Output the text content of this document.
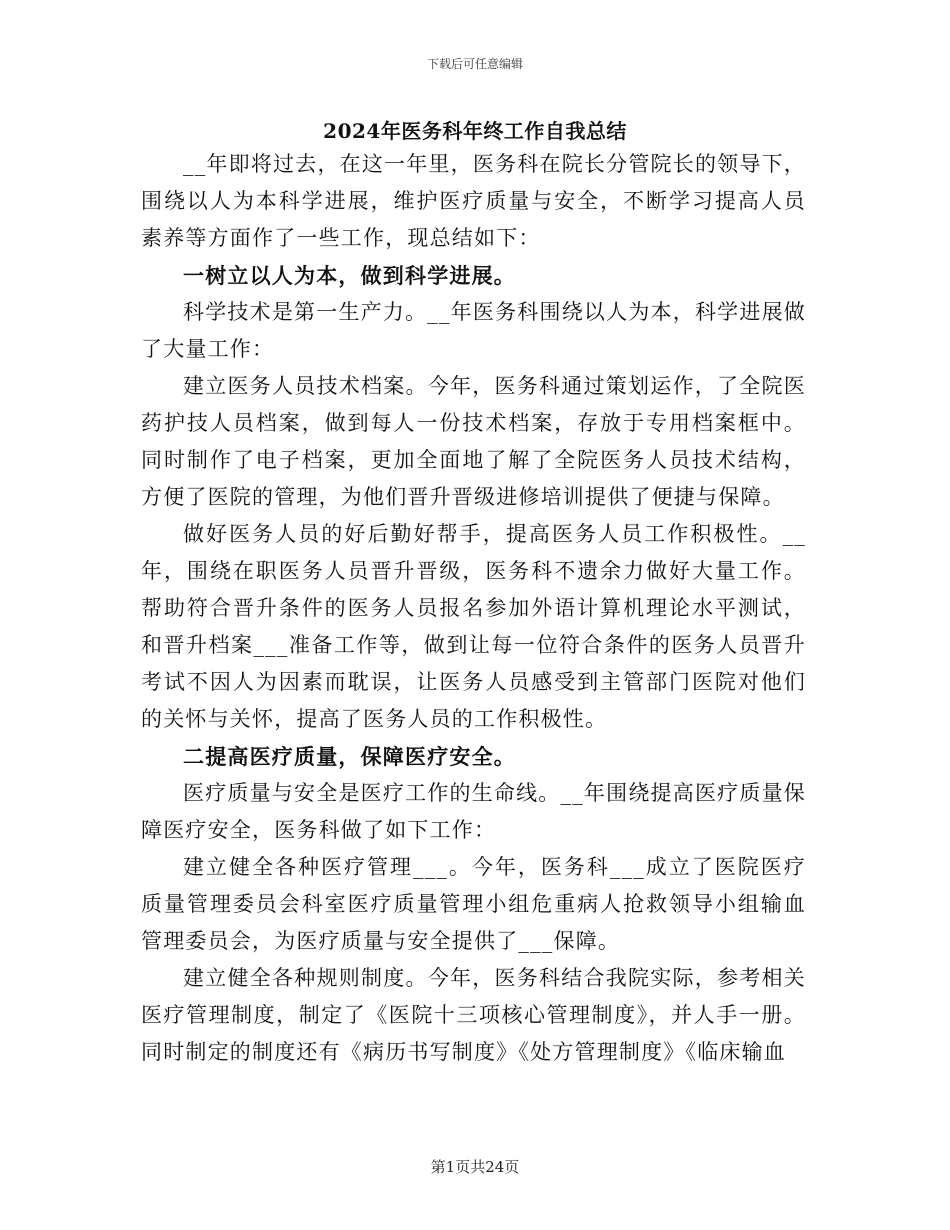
下载后可任意编辑
2024年医务科年终工作自我总结

__年即将过去，在这一年里，医务科在院长分管院长的领导下，围绕以人为本科学进展，维护医疗质量与安全，不断学习提高人员素养等方面作了一些工作，现总结如下：

一树立以人为本，做到科学进展。

科学技术是第一生产力。__年医务科围绕以人为本，科学进展做了大量工作：

建立医务人员技术档案。今年，医务科通过策划运作，了全院医药护技人员档案，做到每人一份技术档案，存放于专用档案框中。同时制作了电子档案，更加全面地了解了全院医务人员技术结构，方便了医院的管理，为他们晋升晋级进修培训提供了便捷与保障。

做好医务人员的好后勤好帮手，提高医务人员工作积极性。__年，围绕在职医务人员晋升晋级，医务科不遗余力做好大量工作。帮助符合晋升条件的医务人员报名参加外语计算机理论水平测试，和晋升档案___准备工作等，做到让每一位符合条件的医务人员晋升考试不因人为因素而耽误，让医务人员感受到主管部门医院对他们的关怀与关怀，提高了医务人员的工作积极性。

二提高医疗质量，保障医疗安全。

医疗质量与安全是医疗工作的生命线。__年围绕提高医疗质量保障医疗安全，医务科做了如下工作：

建立健全各种医疗管理___。今年，医务科___成立了医院医疗质量管理委员会科室医疗质量管理小组危重病人抢救领导小组输血管理委员会，为医疗质量与安全提供了___保障。

建立健全各种规则制度。今年，医务科结合我院实际，参考相关医疗管理制度，制定了《医院十三项核心管理制度》，并人手一册。同时制定的制度还有《病历书写制度》《处方管理制度》《临床输血

第1页共24页
